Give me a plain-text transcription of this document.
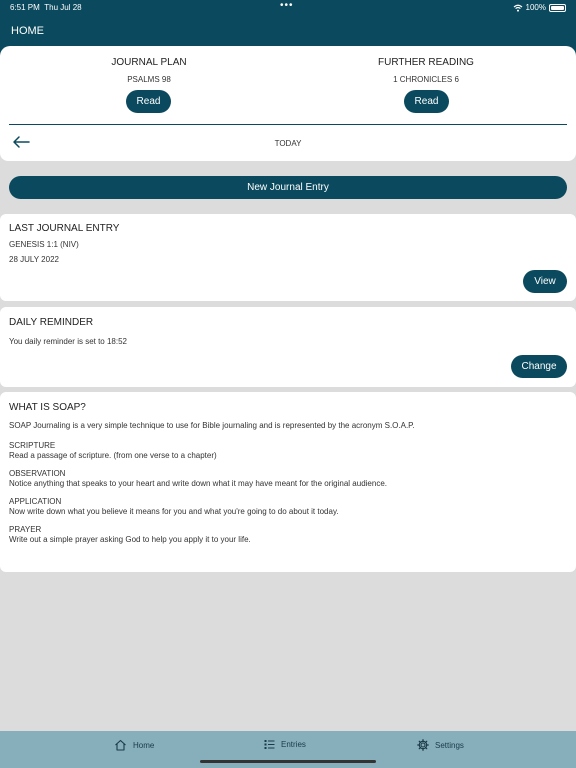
6:51 PM Thu Jul 28	•••	100%
HOME
JOURNAL PLAN
PSALMS 98
Read
FURTHER READING
1 CHRONICLES 6
Read
TODAY
New Journal Entry
LAST JOURNAL ENTRY
GENESIS 1:1 (NIV)
28 JULY 2022
View
DAILY REMINDER
You daily reminder is set to 18:52
Change
WHAT IS SOAP?
SOAP Journaling is a very simple technique to use for Bible journaling and is represented by the acronym S.O.A.P.
SCRIPTURE
Read a passage of scripture. (from one verse to a chapter)
OBSERVATION
Notice anything that speaks to your heart and write down what it may have meant for the original audience.
APPLICATION
Now write down what you believe it means for you and what you're going to do about it today.
PRAYER
Write out a simple prayer asking God to help you apply it to your life.
Home	Entries	Settings
